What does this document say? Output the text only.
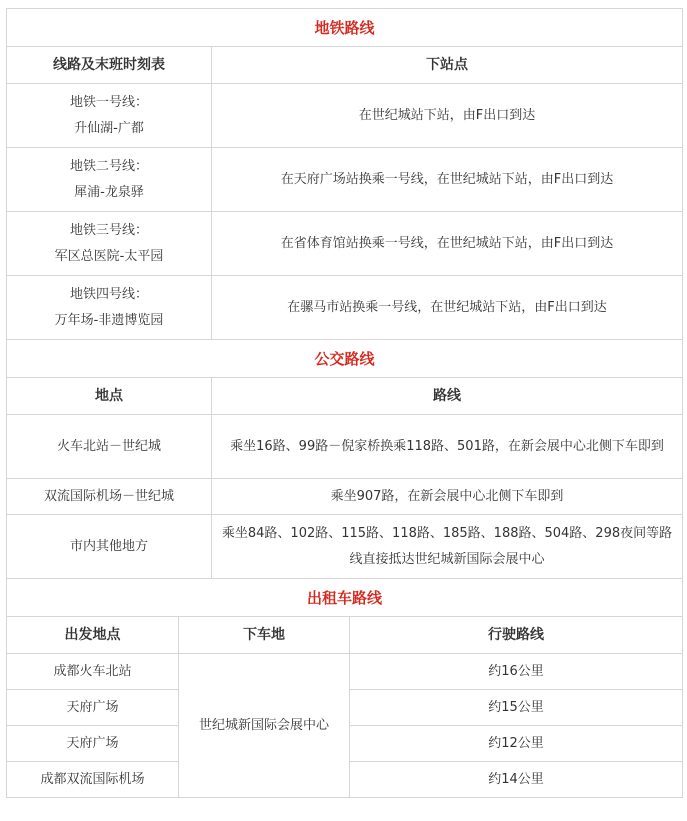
地铁路线			
线路及末班时刻表		下站点	

地铁一号线：
升仙湖-广都		在世纪城站下站，由F出口到达	

地铁二号线：
犀浦-龙泉驿		在天府广场站换乘一号线，在世纪城站下站，由F出口到达	

地铁三号线：
军区总医院-太平园		在省体育馆站换乘一号线，在世纪城站下站，由F出口到达	

地铁四号线：
万年场-非遗博览园		在骡马市站换乘一号线，在世纪城站下站，由F出口到达	
公交路线			
地点		路线	
火车北站－世纪城		乘坐16路、99路－倪家桥换乘118路、501路，在新会展中心北侧下车即到	
双流国际机场－世纪城		乘坐907路，在新会展中心北侧下车即到	
市内其他地方		乘坐84路、102路、115路、118路、185路、188路、504路、298夜间等路线直接抵达世纪城新国际会展中心	
出租车路线			
出发地点	下车地		行驶路线
成都火车北站	世纪城新国际会展中心		约16公里
天府广场			约15公里
天府广场			约12公里
成都双流国际机场			约14公里
